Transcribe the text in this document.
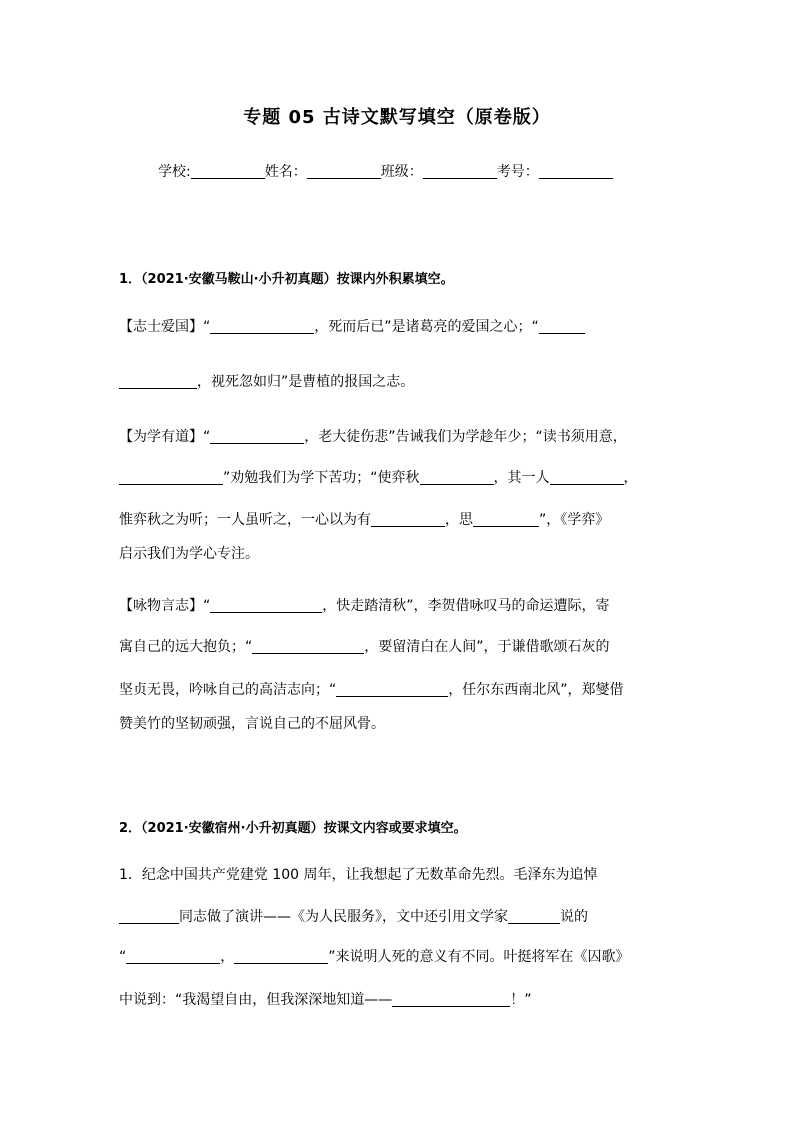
专题 05 古诗文默写填空（原卷版）
学校:	姓名：	班级：	考号：
1．（2021·安徽马鞍山·小升初真题）按课内外积累填空。
【志士爱国】“	，死而后已”是诸葛亮的爱国之心；“
，视死忽如归”是曹植的报国之志。
【为学有道】“	，老大徒伤悲”告诫我们为学趁年少；“读书须用意，
”劝勉我们为学下苦功；“使弈秋	，其一人	，
惟弈秋之为听；一人虽听之，一心以为有	，思	”，《学弈》
启示我们为学心专注。
【咏物言志】“	，快走踏清秋”，李贺借咏叹马的命运遭际，寄
寓自己的远大抱负；“	，要留清白在人间”，于谦借歌颂石灰的
坚贞无畏，吟咏自己的高洁志向；“	，任尔东西南北风”，郑燮借
赞美竹的坚韧顽强，言说自己的不屈风骨。
2．（2021·安徽宿州·小升初真题）按课文内容或要求填空。
1．纪念中国共产党建党 100 周年，让我想起了无数革命先烈。毛泽东为追悼
同志做了演讲——《为人民服务》，文中还引用文学家	说的
“	，	”来说明人死的意义有不同。叶挺将军在《囚歌》
中说到：“我渴望自由，但我深深地知道——	！”
